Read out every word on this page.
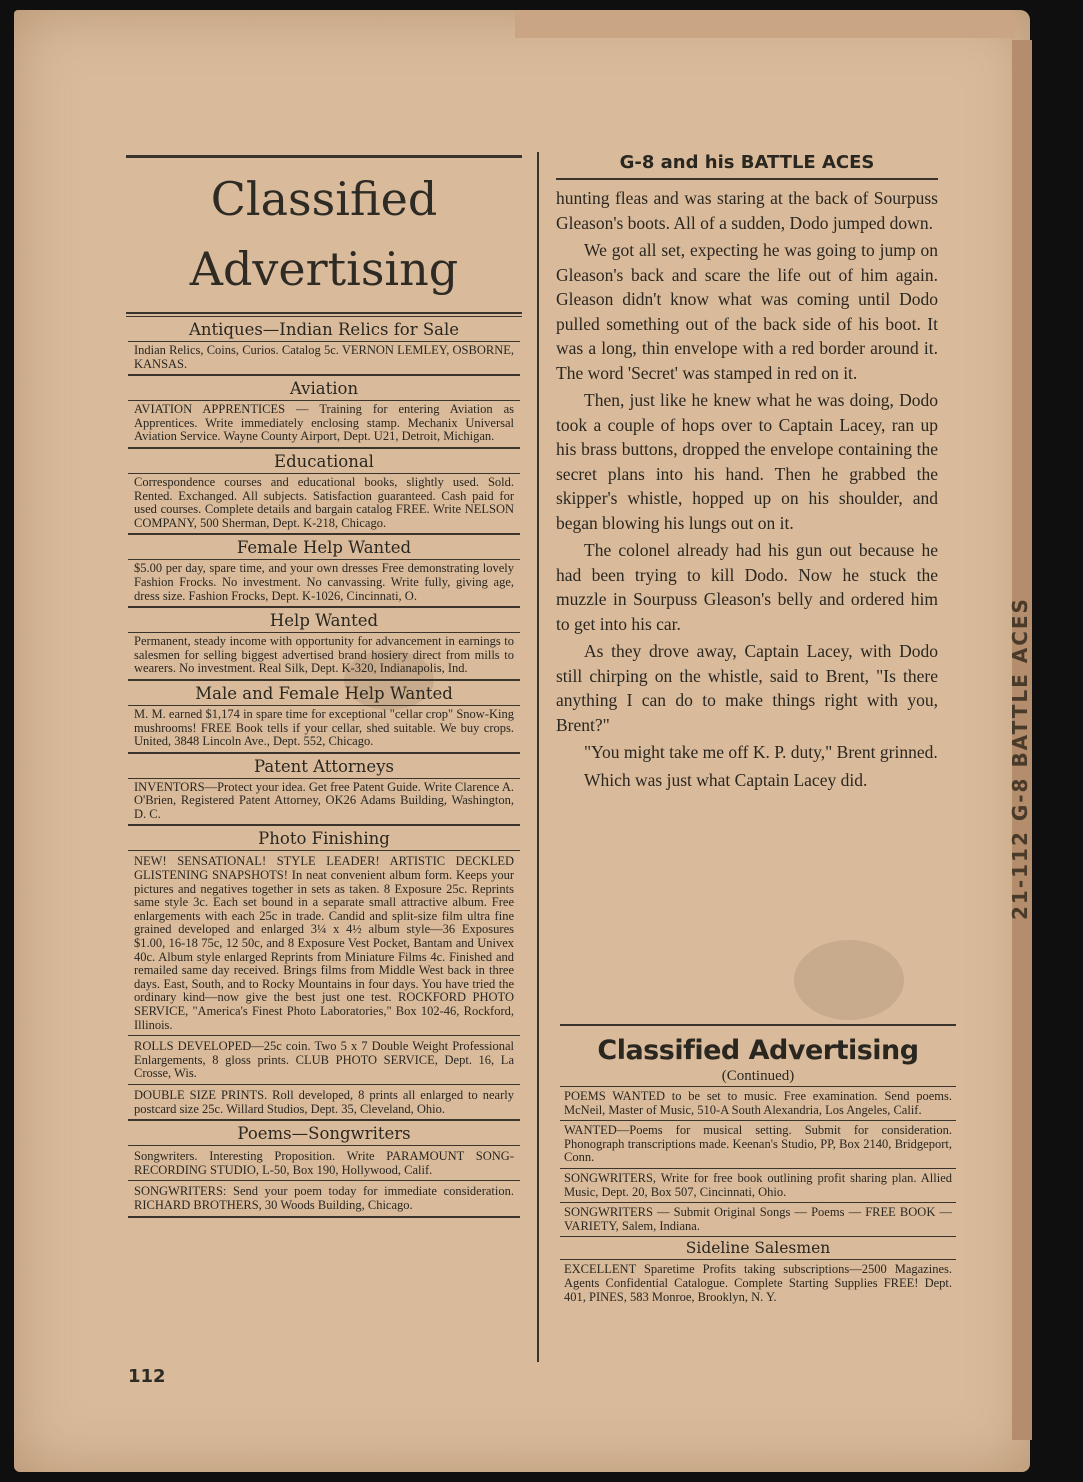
21-112 G-8 BATTLE ACES
Classified
Advertising
Antiques—Indian Relics for Sale
Indian Relics, Coins, Curios. Catalog 5c. VERNON LEMLEY, OSBORNE, KANSAS.
Aviation
AVIATION APPRENTICES — Training for entering Aviation as Apprentices. Write immediately enclosing stamp. Mechanix Universal Aviation Service. Wayne County Airport, Dept. U21, Detroit, Michigan.
Educational
Correspondence courses and educational books, slightly used. Sold. Rented. Exchanged. All subjects. Satisfaction guaranteed. Cash paid for used courses. Complete details and bargain catalog FREE. Write NELSON COMPANY, 500 Sherman, Dept. K-218, Chicago.
Female Help Wanted
$5.00 per day, spare time, and your own dresses Free demonstrating lovely Fashion Frocks. No investment. No canvassing. Write fully, giving age, dress size. Fashion Frocks, Dept. K-1026, Cincinnati, O.
Help Wanted
Permanent, steady income with opportunity for advancement in earnings to salesmen for selling biggest advertised brand hosiery direct from mills to wearers. No investment. Real Silk, Dept. K-320, Indianapolis, Ind.
Male and Female Help Wanted
M. M. earned $1,174 in spare time for exceptional "cellar crop" Snow-King mushrooms! FREE Book tells if your cellar, shed suitable. We buy crops. United, 3848 Lincoln Ave., Dept. 552, Chicago.
Patent Attorneys
INVENTORS—Protect your idea. Get free Patent Guide. Write Clarence A. O'Brien, Registered Patent Attorney, OK26 Adams Building, Washington, D. C.
Photo Finishing
NEW! SENSATIONAL! STYLE LEADER! ARTISTIC DECKLED GLISTENING SNAPSHOTS! In neat convenient album form. Keeps your pictures and negatives together in sets as taken. 8 Exposure 25c. Reprints same style 3c. Each set bound in a separate small attractive album. Free enlargements with each 25c in trade. Candid and split-size film ultra fine grained developed and enlarged 3¼ x 4½ album style—36 Exposures $1.00, 16-18 75c, 12 50c, and 8 Exposure Vest Pocket, Bantam and Univex 40c. Album style enlarged Reprints from Miniature Films 4c. Finished and remailed same day received. Brings films from Middle West back in three days. East, South, and to Rocky Mountains in four days. You have tried the ordinary kind—now give the best just one test. ROCKFORD PHOTO SERVICE, "America's Finest Photo Laboratories," Box 102-46, Rockford, Illinois.
ROLLS DEVELOPED—25c coin. Two 5 x 7 Double Weight Professional Enlargements, 8 gloss prints. CLUB PHOTO SERVICE, Dept. 16, La Crosse, Wis.
DOUBLE SIZE PRINTS. Roll developed, 8 prints all enlarged to nearly postcard size 25c. Willard Studios, Dept. 35, Cleveland, Ohio.
Poems—Songwriters
Songwriters. Interesting Proposition. Write PARAMOUNT SONG-RECORDING STUDIO, L-50, Box 190, Hollywood, Calif.
SONGWRITERS: Send your poem today for immediate consideration. RICHARD BROTHERS, 30 Woods Building, Chicago.
112
G-8 and his BATTLE ACES

hunting fleas and was staring at the back of Sourpuss Gleason's boots. All of a sudden, Dodo jumped down.

We got all set, expecting he was going to jump on Gleason's back and scare the life out of him again. Gleason didn't know what was coming until Dodo pulled something out of the back side of his boot. It was a long, thin envelope with a red border around it. The word 'Secret' was stamped in red on it.

Then, just like he knew what he was doing, Dodo took a couple of hops over to Captain Lacey, ran up his brass buttons, dropped the envelope containing the secret plans into his hand. Then he grabbed the skipper's whistle, hopped up on his shoulder, and began blowing his lungs out on it.

The colonel already had his gun out because he had been trying to kill Dodo. Now he stuck the muzzle in Sourpuss Gleason's belly and ordered him to get into his car.

As they drove away, Captain Lacey, with Dodo still chirping on the whistle, said to Brent, "Is there anything I can do to make things right with you, Brent?"

"You might take me off K. P. duty," Brent grinned.

Which was just what Captain Lacey did.

Classified Advertising
(Continued)
POEMS WANTED to be set to music. Free examination. Send poems. McNeil, Master of Music, 510-A South Alexandria, Los Angeles, Calif.
WANTED—Poems for musical setting. Submit for consideration. Phonograph transcriptions made. Keenan's Studio, PP, Box 2140, Bridgeport, Conn.
SONGWRITERS, Write for free book outlining profit sharing plan. Allied Music, Dept. 20, Box 507, Cincinnati, Ohio.
SONGWRITERS — Submit Original Songs — Poems — FREE BOOK — VARIETY, Salem, Indiana.
Sideline Salesmen
EXCELLENT Sparetime Profits taking subscriptions—2500 Magazines. Agents Confidential Catalogue. Complete Starting Supplies FREE! Dept. 401, PINES, 583 Monroe, Brooklyn, N. Y.
